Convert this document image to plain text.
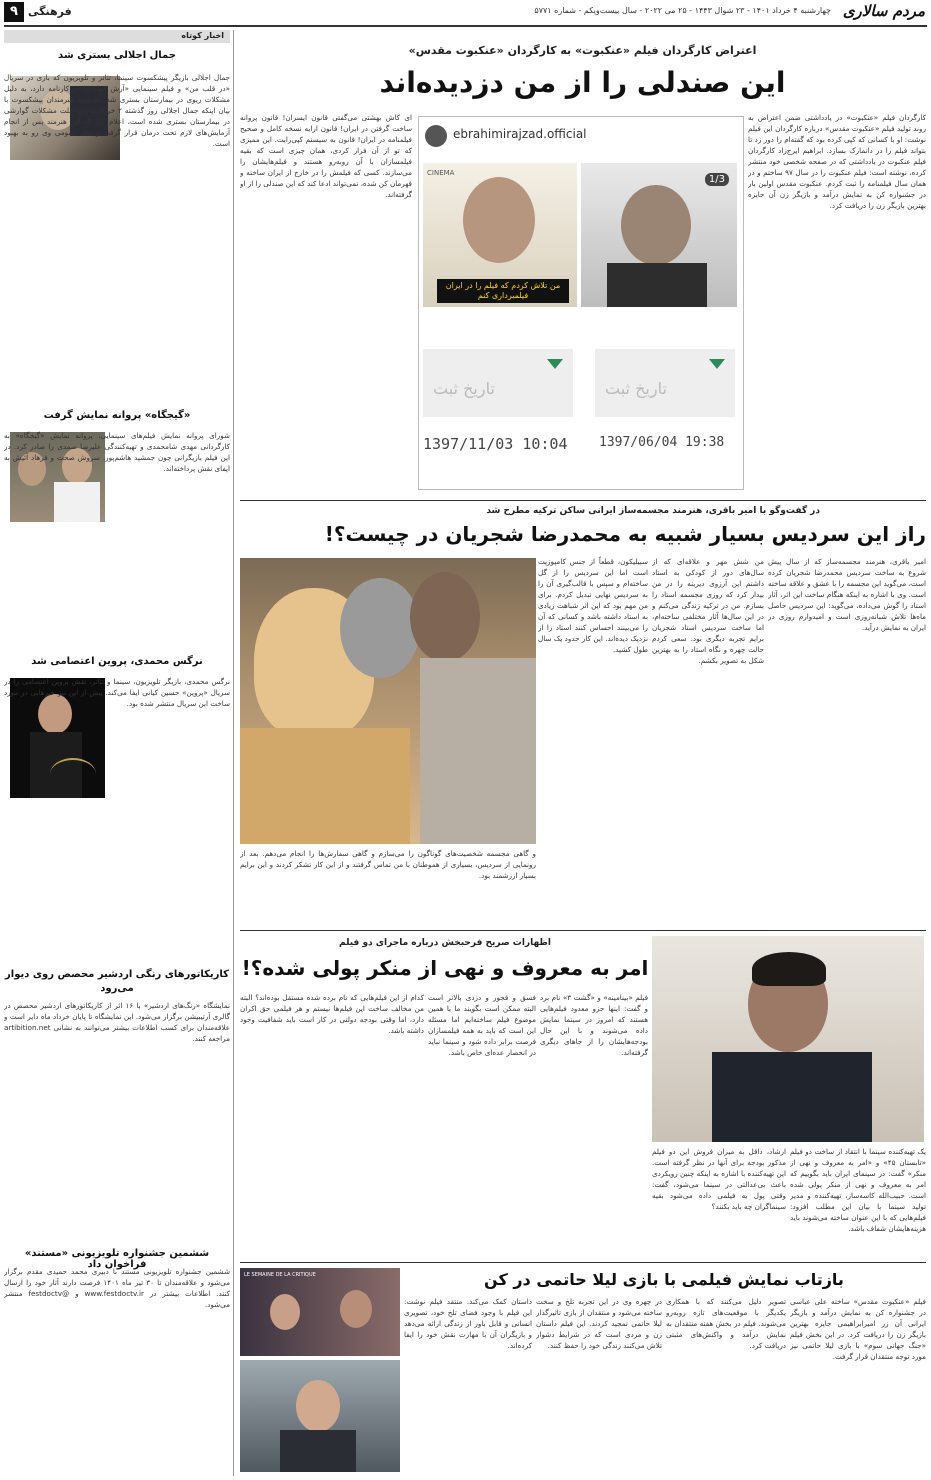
مردم سالاری
چهارشنبه ۴ خرداد ۱۴۰۱ - ۲۳ شوال ۱۴۴۳ - ۲۵ می ۲۰۲۲ - سال بیست‌و‌یکم - شماره ۵۷۷۱
فرهنگی
۹
اخبار کوتاه
جمال اجلالی بستری شد
جمال اجلالی بازیگر پیشکسوت سینما، تئاتر و تلویزیون که بازی در سریال «در قلب من» و فیلم سینمایی «آرش تنها» را در کارنامه دارد، به دلیل مشکلات ریوی در بیمارستان بستری شد. موسسه هنرمندان پیشکسوت با بیان اینکه جمال اجلالی روز گذشته ۲ خرداد ماه به علت مشکلات گوارشی در بیمارستان بستری شده است، اعلام کرد که این هنرمند پس از انجام آزمایش‌های لازم تحت درمان قرار گرفت و حال عمومی وی رو به بهبود است.
«گیجگاه» پروانه نمایش گرفت
شورای پروانه نمایش فیلم‌های سینمایی، پروانه نمایش «گیجگاه» به کارگردانی مهدی شامحمدی و تهیه‌کنندگی علیرضا صمدی را صادر کرد. در این فیلم بازیگرانی چون جمشید هاشم‌پور، سروش صحت و فرهاد آئیش به ایفای نقش پرداخته‌اند.
نرگس محمدی، پروین اعتصامی شد
نرگس محمدی، بازیگر تلویزیون، سینما و تئاتر، نقش پروین اعتصامی را در سریال «پروین» حسین کیانی ایفا می‌کند. پیش از این نیز خبرهایی در مورد ساخت این سریال منتشر شده بود.
کاریکاتورهای رنگی اردشیر محصص روی دیوار می‌رود
نمایشگاه «رنگ‌های اردشیر» با ۱۶ اثر از کاریکاتورهای اردشیر محصص در گالری آرتیبیشن برگزار می‌شود. این نمایشگاه تا پایان خرداد ماه دایر است و علاقه‌مندان برای کسب اطلاعات بیشتر می‌توانند به نشانی artibition.net مراجعه کنند.
ششمین جشنواره تلویزیونی «مستند» فراخوان داد
ششمین جشنواره تلویزیونی مستند با دبیری محمد حمیدی مقدم برگزار می‌شود و علاقه‌مندان تا ۳۰ تیر ماه ۱۴۰۱ فرصت دارند آثار خود را ارسال کنند. اطلاعات بیشتر در www.festdoctv.ir و @festdoctv منتشر می‌شود.
اعتراض کارگردان فیلم «عنکبوت» به کارگردان «عنکبوت مقدس»
این صندلی را از من دزدیده‌اند
کارگردان فیلم «عنکبوت» در یادداشتی ضمن اعتراض به روند تولید فیلم «عنکبوت مقدس» درباره کارگردان این فیلم نوشت: او با کسانی که کپی کرده بود که گفته‌ام را دور زد تا بتواند فیلم را در دانمارک بسازد. ابراهیم ایرج‌زاد کارگردان فیلم عنکبوت در یادداشتی که در صفحه شخصی خود منتشر کرده، نوشته است: فیلم عنکبوت را در سال ۹۷ ساختم و در همان سال فیلمنامه را ثبت کردم. عنکبوت مقدس اولین بار در جشنواره کن به نمایش درآمد و بازیگر زن آن جایزه بهترین بازیگر زن را دریافت کرد.
ebrahimirajzad.official
1/3
CINEMA
من تلاش کردم که فیلم را در ایران فیلمبرداری کنم
تاریخ ثبت	تاریخ ثبت
1397/11/03 10:04 1397/06/04 19:38
ای کاش بهشتی می‌گفتی قانون ایسران! قانون پروانه ساخت گرفتن در ایران! قانون ارایه نسخه کامل و صحیح فیلمنامه در ایران! قانون به سیستم کپی‌رایت. این ممیزی که تو از آن فرار کردی، همان چیزی است که بقیه فیلمسازان با آن روبه‌رو هستند و فیلم‌هایشان را می‌سازند. کسی که فیلمش را در خارج از ایران ساخته و قهرمان کن شده، نمی‌تواند ادعا کند که این صندلی را از او گرفته‌اند.
در گفت‌وگو با امیر باقری، هنرمند مجسمه‌ساز ایرانی ساکن ترکیه مطرح شد
راز این سردیس بسیار شبیه به محمدرضا شجریان در چیست؟!
امیر باقری، هنرمند مجسمه‌ساز که از سال پیش شروع به ساخت سردیس محمدرضا شجریان کرده است، می‌گوید این مجسمه را با عشق و علاقه ساخته است. وی با اشاره به اینکه هنگام ساخت این اثر، آثار استاد را گوش می‌داده، می‌گوید: این سردیس حاصل ماه‌ها تلاش شبانه‌روزی است و امیدوارم روزی در ایران به نمایش درآید.
من شش مهر و علاقه‌ای که از سال‌های دور از کودکی به استاد داشتم این آرزوی دیرینه را در من بیدار کرد که روزی مجسمه استاد را بسازم. من در ترکیه زندگی می‌کنم و در این سال‌ها آثار مختلفی ساخته‌ام، اما ساخت سردیس استاد شجریان برایم تجربه دیگری بود. سعی کردم حالت چهره و نگاه استاد را به بهترین شکل به تصویر بکشم.
سبیلیکون، قطعاً از جنس کامپوزیت است اما این سردیس را از گل ساخته‌ام و سپس با قالب‌گیری آن را به سردیس نهایی تبدیل کردم. برای من مهم بود که این اثر شباهت زیادی به استاد داشته باشد و کسانی که آن را می‌بینند احساس کنند استاد را از نزدیک دیده‌اند. این کار حدود یک سال طول کشید.
و گاهی مجسمه شخصیت‌های گوناگون را می‌سازم و گاهی سفارش‌ها را انجام می‌دهم. بعد از رونمایی از سردیس، بسیاری از هموطنان با من تماس گرفتند و از این کار تشکر کردند و این برایم بسیار ارزشمند بود.
اظهارات صریح فرحبخش درباره ماجرای دو فیلم
امر به معروف و نهی از منکر پولی شده؟!
یک تهیه‌کننده سینما با انتقاد از ساخت دو فیلم «تابستان ۴۵» و «امر به معروف و نهی از منکر» گفت: در سینمای ایران باید بگوییم که امر به معروف و نهی از منکر پولی شده است. حبیب‌الله کاسه‌ساز، تهیه‌کننده و مدیر تولید سینما با بیان این مطلب افزود: فیلم‌هایی که با این عنوان ساخته می‌شوند باید هزینه‌هایشان شفاف باشد.
ارشاد، داقل به میزان فروش این دو فیلم مذکور بودجه برای آنها در نظر گرفته است. این تهیه‌کننده با اشاره به اینکه چنین رویکردی باعث بی‌عدالتی در سینما می‌شود، گفت: وقتی پول به فیلمی داده می‌شود بقیه سینماگران چه باید بکنند؟
فیلم «بینامینه» و «گشت ۳» نام برد و گفت: اینها جزو معدود فیلم‌هایی هستند که امروز در سینما نمایش داده می‌شوند و با این حال بودجه‌هایشان را از جاهای دیگری گرفته‌اند.
فسق و فجور و دزدی بالاتر است البته ممکن است بگویند ما با همین موضوع فیلم ساخته‌ایم اما مسئله این است که باید به همه فیلمسازان فرصت برابر داده شود و سینما نباید در انحصار عده‌ای خاص باشد.
کدام از این فیلم‌هایی که نام برده شده مستقل بوده‌اند؟ البته من مخالف ساخت این فیلم‌ها نیستم و هر فیلمی حق اکران دارد، اما وقتی بودجه دولتی در کار است باید شفافیت وجود داشته باشد.
بازتاب نمایش فیلمی با بازی لیلا حاتمی در کن
LE SEMAINE DE LA CRITIQUE
فیلم «عنکبوت مقدس» ساخته علی عباسی در جشنواره کن به نمایش درآمد و بازیگر ایرانی آن زر امیرابراهیمی جایزه بهترین بازیگر زن را دریافت کرد. در این بخش فیلم «جنگ جهانی سوم» با بازی لیلا حاتمی نیز مورد توجه منتقدان قرار گرفت.
تصویر دلیل می‌کنند که با همکاری یکدیگر با موقعیت‌های تازه روبه‌رو می‌شوند. فیلم در بخش هفته منتقدان به نمایش درآمد و واکنش‌های مثبتی دریافت کرد.
در چهره وی در این تجربه تلخ و سخت ساخته می‌شود و منتقدان از بازی تاثیرگذار لیلا حاتمی تمجید کردند. این فیلم داستان زن و مردی است که در شرایط دشوار تلاش می‌کنند زندگی خود را حفظ کنند.
داستان کمک می‌کند. منتقد فیلم نوشت: این فیلم با وجود فضای تلخ خود، تصویری انسانی و قابل باور از زندگی ارائه می‌دهد و بازیگران آن با مهارت نقش خود را ایفا کرده‌اند.
